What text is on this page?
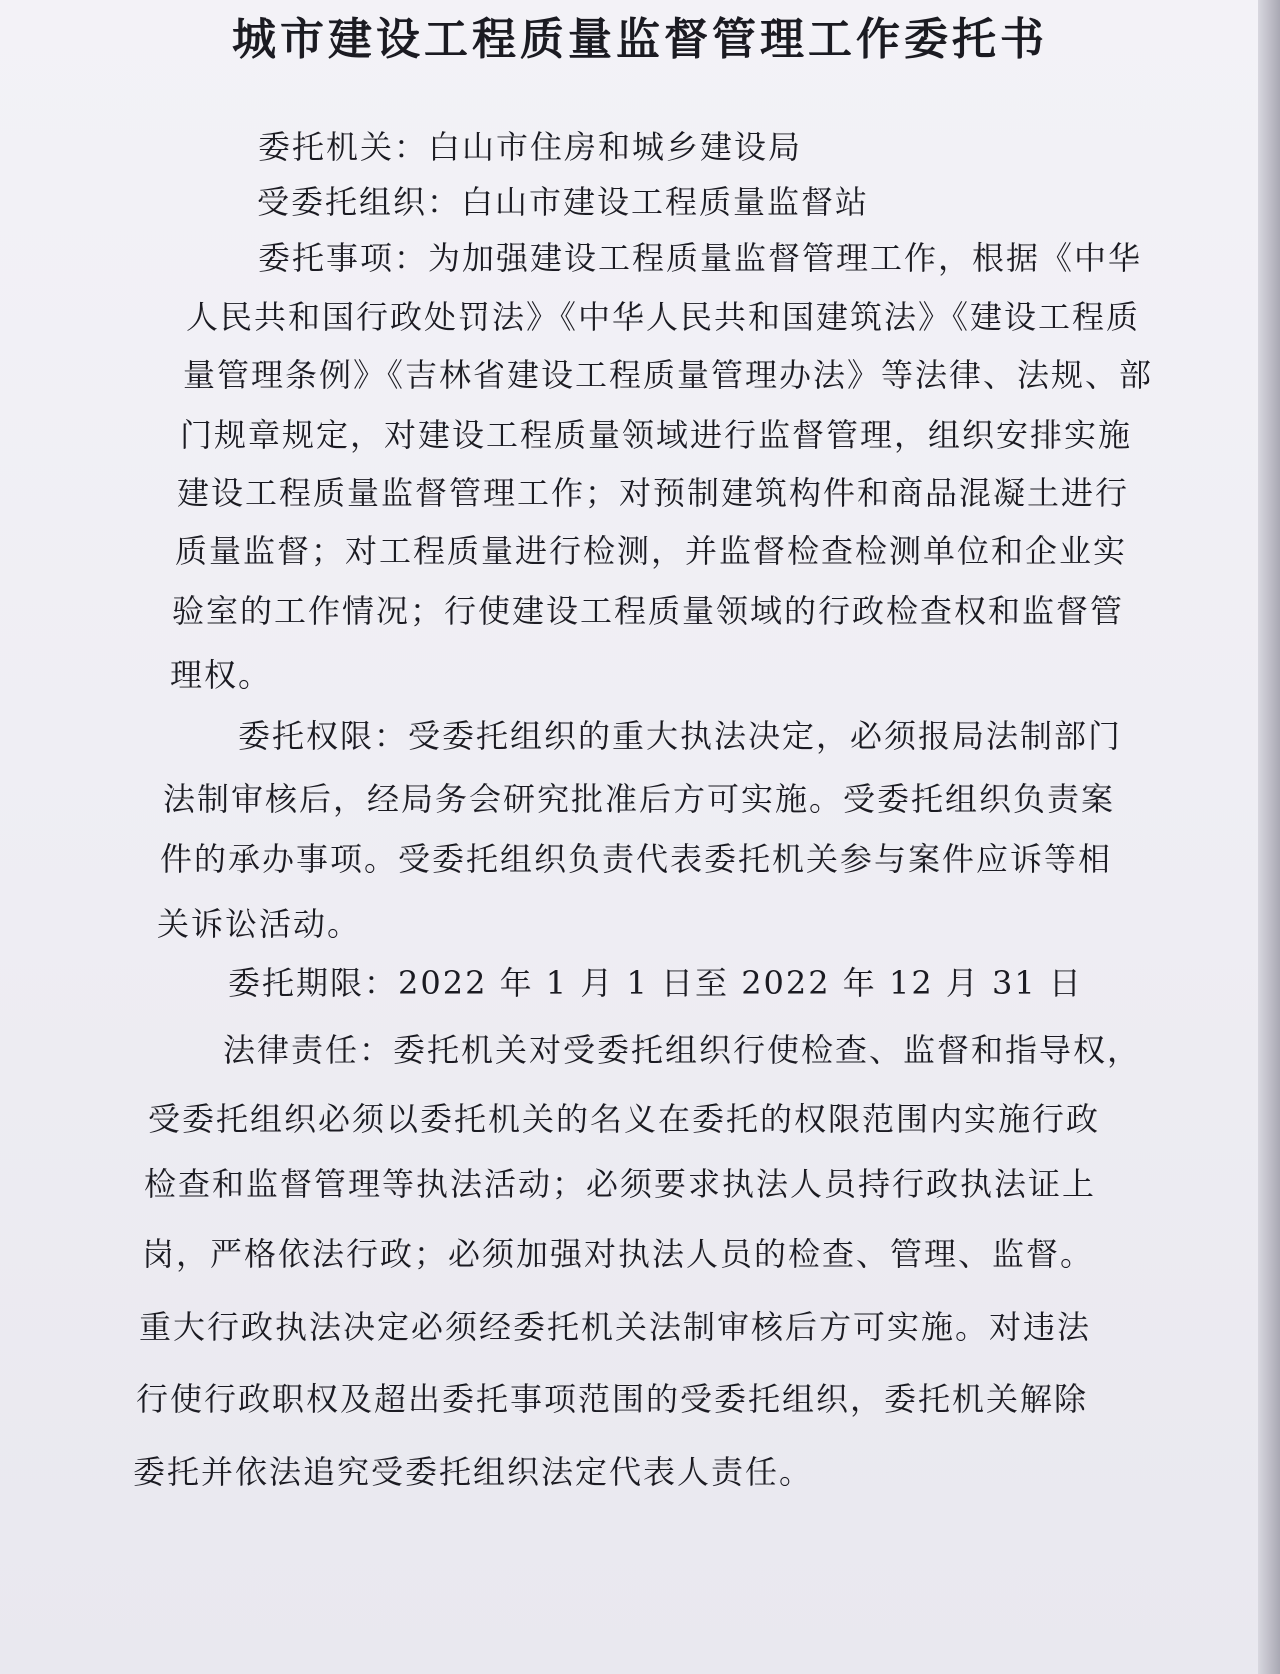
城市建设工程质量监督管理工作委托书
委托机关：白山市住房和城乡建设局
受委托组织：白山市建设工程质量监督站
委托事项：为加强建设工程质量监督管理工作，根据《中华
人民共和国行政处罚法》《中华人民共和国建筑法》《建设工程质
量管理条例》《吉林省建设工程质量管理办法》等法律、法规、部
门规章规定，对建设工程质量领域进行监督管理，组织安排实施
建设工程质量监督管理工作；对预制建筑构件和商品混凝土进行
质量监督；对工程质量进行检测，并监督检查检测单位和企业实
验室的工作情况；行使建设工程质量领域的行政检查权和监督管
理权。
委托权限：受委托组织的重大执法决定，必须报局法制部门
法制审核后，经局务会研究批准后方可实施。受委托组织负责案
件的承办事项。受委托组织负责代表委托机关参与案件应诉等相
关诉讼活动。
委托期限：2022 年 1 月 1 日至 2022 年 12 月 31 日
法律责任：委托机关对受委托组织行使检查、监督和指导权，
受委托组织必须以委托机关的名义在委托的权限范围内实施行政
检查和监督管理等执法活动；必须要求执法人员持行政执法证上
岗，严格依法行政；必须加强对执法人员的检查、管理、监督。
重大行政执法决定必须经委托机关法制审核后方可实施。对违法
行使行政职权及超出委托事项范围的受委托组织，委托机关解除
委托并依法追究受委托组织法定代表人责任。
